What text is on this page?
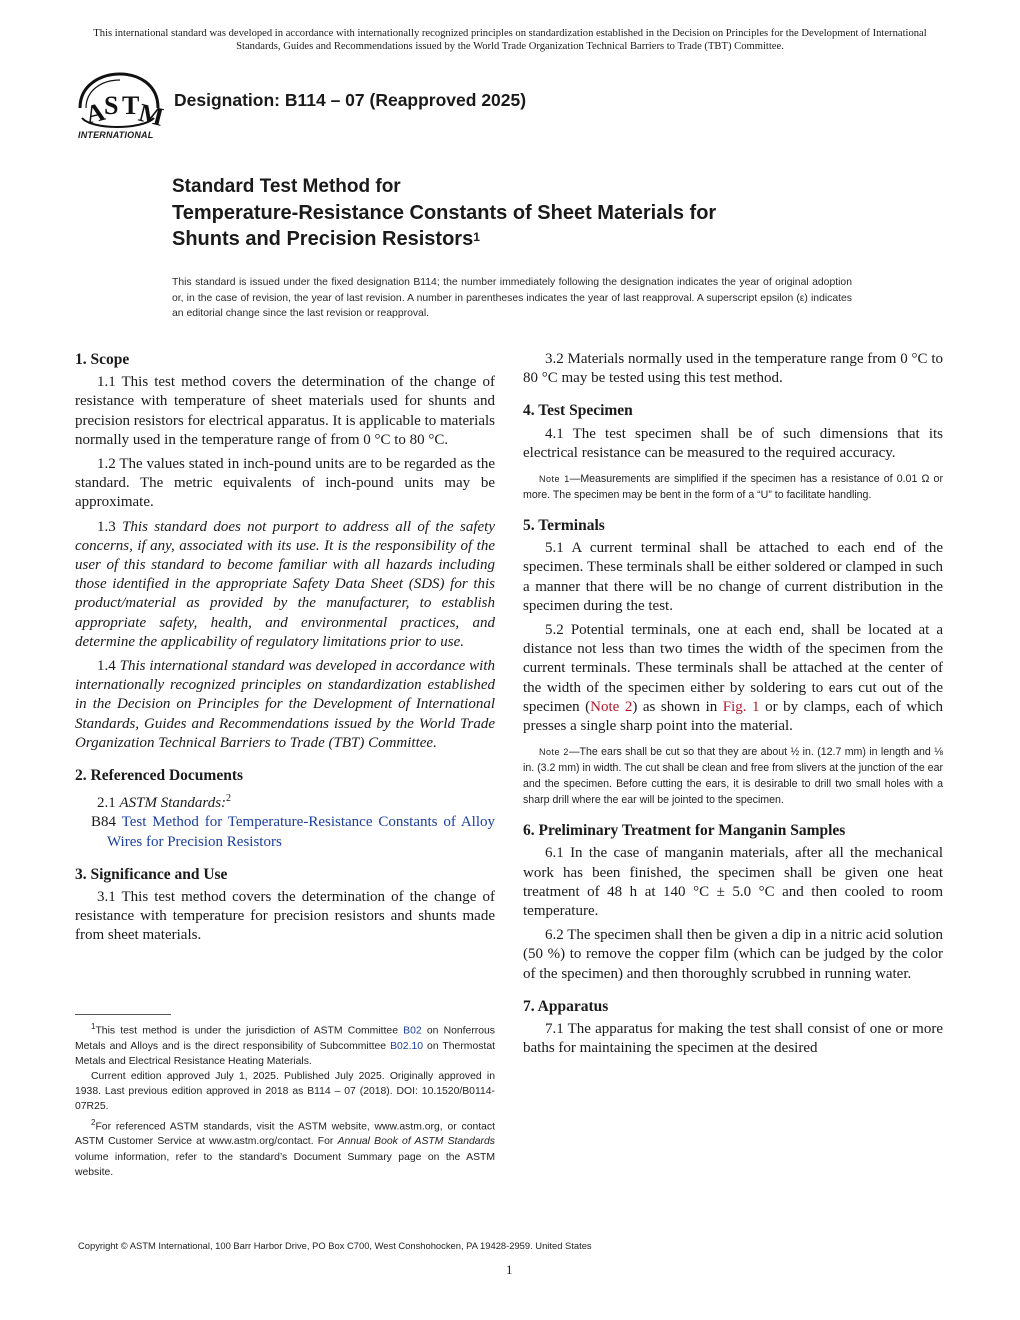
This international standard was developed in accordance with internationally recognized principles on standardization established in the Decision on Principles for the Development of International Standards, Guides and Recommendations issued by the World Trade Organization Technical Barriers to Trade (TBT) Committee.
A
S T
M
INTERNATIONAL
Designation: B114 – 07 (Reapproved 2025)
Standard Test Method for
Temperature-Resistance Constants of Sheet Materials for
Shunts and Precision Resistors$^1$
This standard is issued under the fixed designation B114; the number immediately following the designation indicates the year of original adoption or, in the case of revision, the year of last revision. A number in parentheses indicates the year of last reapproval. A superscript epsilon (ε) indicates an editorial change since the last revision or reapproval.
1. Scope

1.1 This test method covers the determination of the change of resistance with temperature of sheet materials used for shunts and precision resistors for electrical apparatus. It is applicable to materials normally used in the temperature range of from 0 °C to 80 °C.

1.2 The values stated in inch-pound units are to be regarded as the standard. The metric equivalents of inch-pound units may be approximate.

1.3 This standard does not purport to address all of the safety concerns, if any, associated with its use. It is the responsibility of the user of this standard to become familiar with all hazards including those identified in the appropriate Safety Data Sheet (SDS) for this product/material as provided by the manufacturer, to establish appropriate safety, health, and environmental practices, and determine the applicability of regulatory limitations prior to use.

1.4 This international standard was developed in accordance with internationally recognized principles on standardization established in the Decision on Principles for the Development of International Standards, Guides and Recommendations issued by the World Trade Organization Technical Barriers to Trade (TBT) Committee.

2. Referenced Documents

2.1 ASTM Standards:$^2$

B84 Test Method for Temperature-Resistance Constants of Alloy Wires for Precision Resistors

3. Significance and Use

3.1 This test method covers the determination of the change of resistance with temperature for precision resistors and shunts made from sheet materials.

$^1$This test method is under the jurisdiction of ASTM Committee B02 on Nonferrous Metals and Alloys and is the direct responsibility of Subcommittee B02.10 on Thermostat Metals and Electrical Resistance Heating Materials.

Current edition approved July 1, 2025. Published July 2025. Originally approved in 1938. Last previous edition approved in 2018 as B114 – 07 (2018). DOI: 10.1520/B0114-07R25.

$^2$For referenced ASTM standards, visit the ASTM website, www.astm.org, or contact ASTM Customer Service at www.astm.org/contact. For Annual Book of ASTM Standards volume information, refer to the standard’s Document Summary page on the ASTM website.

3.2 Materials normally used in the temperature range from 0 °C to 80 °C may be tested using this test method.

4. Test Specimen

4.1 The test specimen shall be of such dimensions that its electrical resistance can be measured to the required accuracy.

Note 1—Measurements are simplified if the specimen has a resistance of 0.01 Ω or more. The specimen may be bent in the form of a “U” to facilitate handling.
5. Terminals

5.1 A current terminal shall be attached to each end of the specimen. These terminals shall be either soldered or clamped in such a manner that there will be no change of current distribution in the specimen during the test.

5.2 Potential terminals, one at each end, shall be located at a distance not less than two times the width of the specimen from the current terminals. These terminals shall be attached at the center of the width of the specimen either by soldering to ears cut out of the specimen (Note 2) as shown in Fig. 1 or by clamps, each of which presses a single sharp point into the material.

Note 2—The ears shall be cut so that they are about ½ in. (12.7 mm) in length and ⅛ in. (3.2 mm) in width. The cut shall be clean and free from slivers at the junction of the ear and the specimen. Before cutting the ears, it is desirable to drill two small holes with a sharp drill where the ear will be jointed to the specimen.
6. Preliminary Treatment for Manganin Samples

6.1 In the case of manganin materials, after all the mechanical work has been finished, the specimen shall be given one heat treatment of 48 h at 140 °C ± 5.0 °C and then cooled to room temperature.

6.2 The specimen shall then be given a dip in a nitric acid solution (50 %) to remove the copper film (which can be judged by the color of the specimen) and then thoroughly scrubbed in running water.

7. Apparatus

7.1 The apparatus for making the test shall consist of one or more baths for maintaining the specimen at the desired

Copyright © ASTM International, 100 Barr Harbor Drive, PO Box C700, West Conshohocken, PA 19428-2959. United States
1
